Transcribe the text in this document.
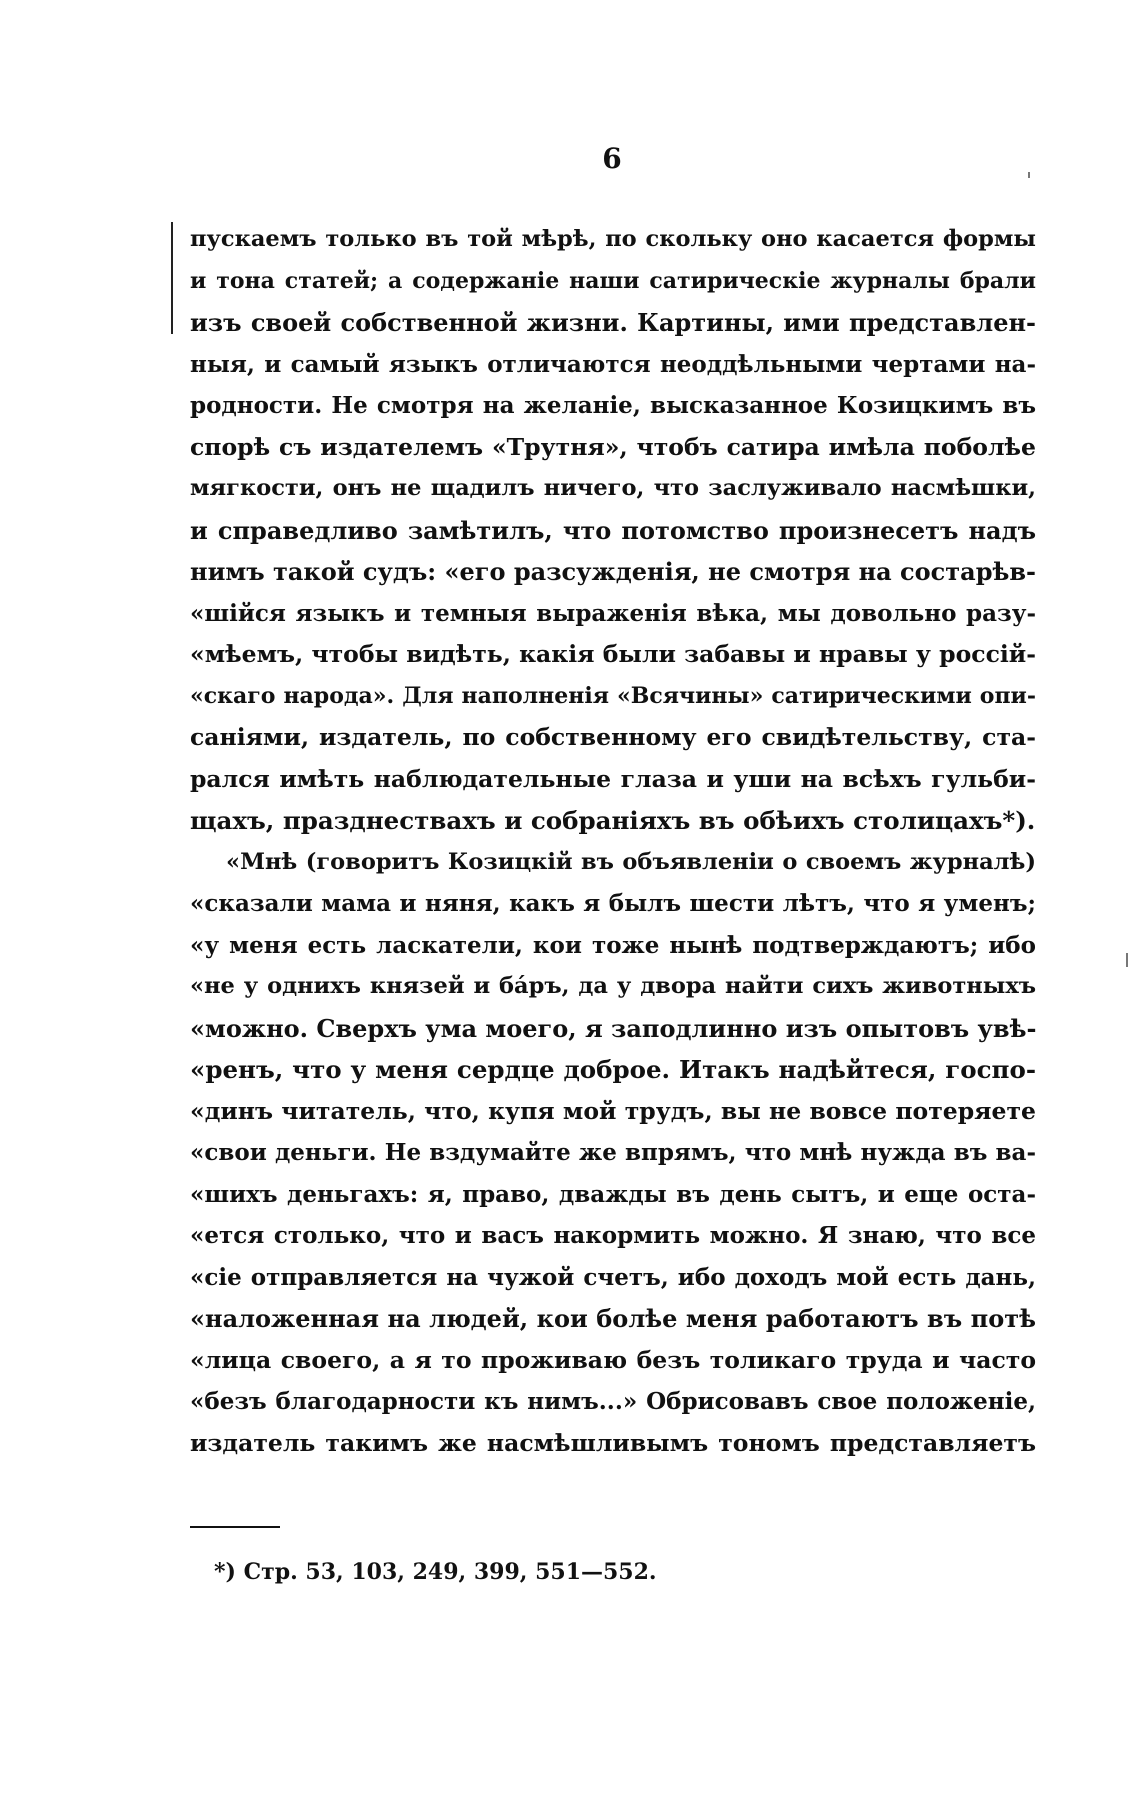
6
пускаемъ только въ той мѣрѣ, по скольку оно касается формы
и тона статей; а содержаніе наши сатирическіе журналы брали
изъ своей собственной жизни. Картины, ими представлен-
ныя, и самый языкъ отличаются неоддѣльными чертами на-
родности. Не смотря на желаніе, высказанное Козицкимъ въ
спорѣ съ издателемъ «Трутня», чтобъ сатира имѣла поболѣе
мягкости, онъ не щадилъ ничего, что заслуживало насмѣшки,
и справедливо замѣтилъ, что потомство произнесетъ надъ
нимъ такой судъ: «его разсужденія, не смотря на состарѣв-
«шійся языкъ и темныя выраженія вѣка, мы довольно разу-
«мѣемъ, чтобы видѣть, какія были забавы и нравы у россій-
«скаго народа». Для наполненія «Всячины» сатирическими опи-
саніями, издатель, по собственному его свидѣтельству, ста-
рался имѣть наблюдательные глаза и уши на всѣхъ гульби-
щахъ, празднествахъ и собраніяхъ въ обѣихъ столицахъ*).
«Мнѣ (говоритъ Козицкій въ объявленіи о своемъ журналѣ)
«сказали мама и няня, какъ я былъ шести лѣтъ, что я уменъ;
«у меня есть ласкатели, кои тоже нынѣ подтверждаютъ; ибо
«не у однихъ князей и бáръ, да у двора найти сихъ животныхъ
«можно. Сверхъ ума моего, я заподлинно изъ опытовъ увѣ-
«ренъ, что у меня сердце доброе. Итакъ надѣйтеся, госпо-
«динъ читатель, что, купя мой трудъ, вы не вовсе потеряете
«свои деньги. Не вздумайте же впрямъ, что мнѣ нужда въ ва-
«шихъ деньгахъ: я, право, дважды въ день сытъ, и еще оста-
«ется столько, что и васъ накормить можно. Я знаю, что все
«сіе отправляется на чужой счетъ, ибо доходъ мой есть дань,
«наложенная на людей, кои болѣе меня работаютъ въ потѣ
«лица своего, а я то проживаю безъ толикаго труда и часто
«безъ благодарности къ нимъ...» Обрисовавъ свое положеніе,
издатель такимъ же насмѣшливымъ тономъ представляетъ
*) Стр. 53, 103, 249, 399, 551—552.
